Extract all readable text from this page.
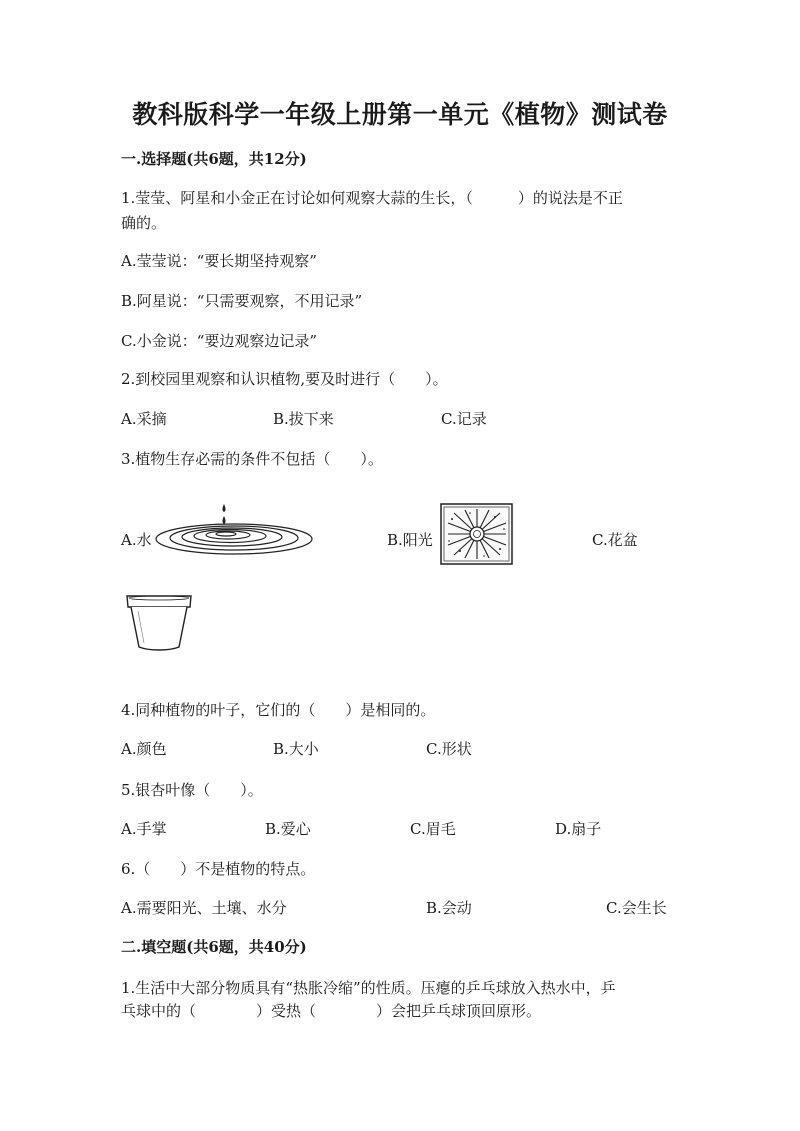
教科版科学一年级上册第一单元《植物》测试卷
一.选择题(共6题，共12分)
1.莹莹、阿星和小金正在讨论如何观察大蒜的生长，（　　　）的说法是不正
确的。
A.莹莹说：“要长期坚持观察”
B.阿星说：“只需要观察，不用记录”
C.小金说：“要边观察边记录”
2.到校园里观察和认识植物,要及时进行（　　）。
A.采摘	B.拔下来	C.记录
3.植物生存必需的条件不包括（　　）。
A.水	B.阳光	C.花盆
4.同种植物的叶子，它们的（　　）是相同的。
A.颜色	B.大小	C.形状
5.银杏叶像（　　）。
A.手掌	B.爱心	C.眉毛	D.扇子
6.（　　）不是植物的特点。
A.需要阳光、土壤、水分	B.会动	C.会生长
二.填空题(共6题，共40分)
1.生活中大部分物质具有“热胀冷缩”的性质。压瘪的乒乓球放入热水中，乒
乓球中的（　　　　）受热（　　　　）会把乒乓球顶回原形。
